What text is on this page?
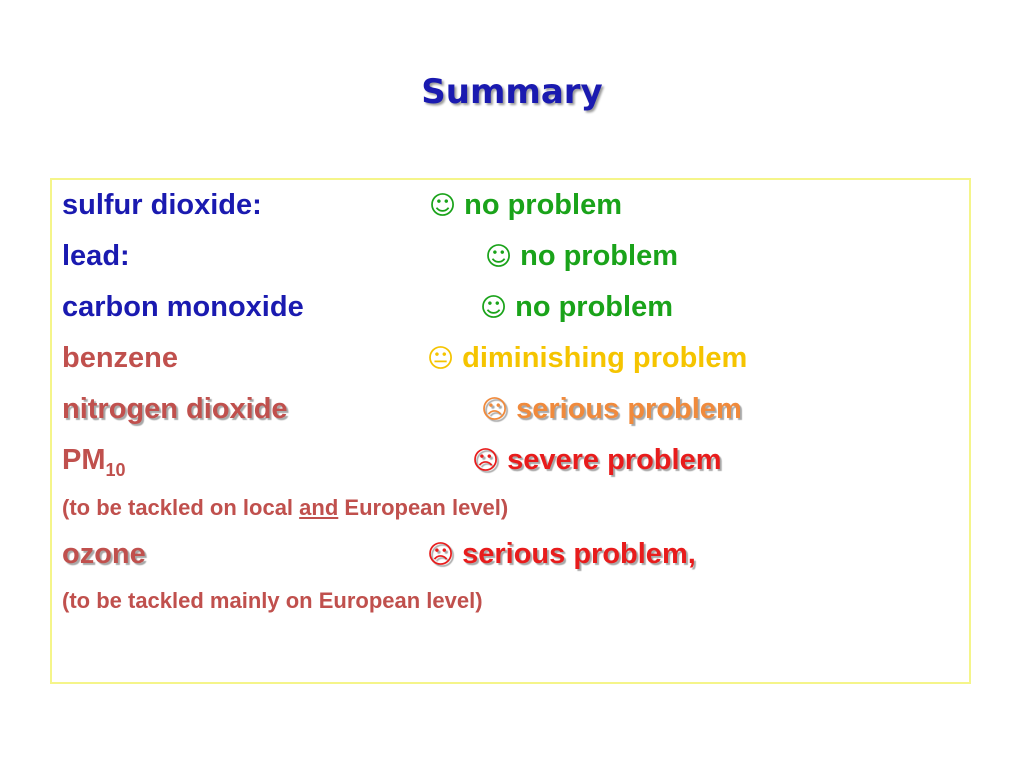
Summary
sulfur dioxide:	☺ no problem
lead:	☺ no problem
carbon monoxide	☺ no problem
benzene	😐 diminishing problem
nitrogen dioxide	☹ serious problem
$PM_{10}$	☹ severe problem
(to be tackled on local and European level)
ozone	☹ serious problem,
(to be tackled mainly on European level)
